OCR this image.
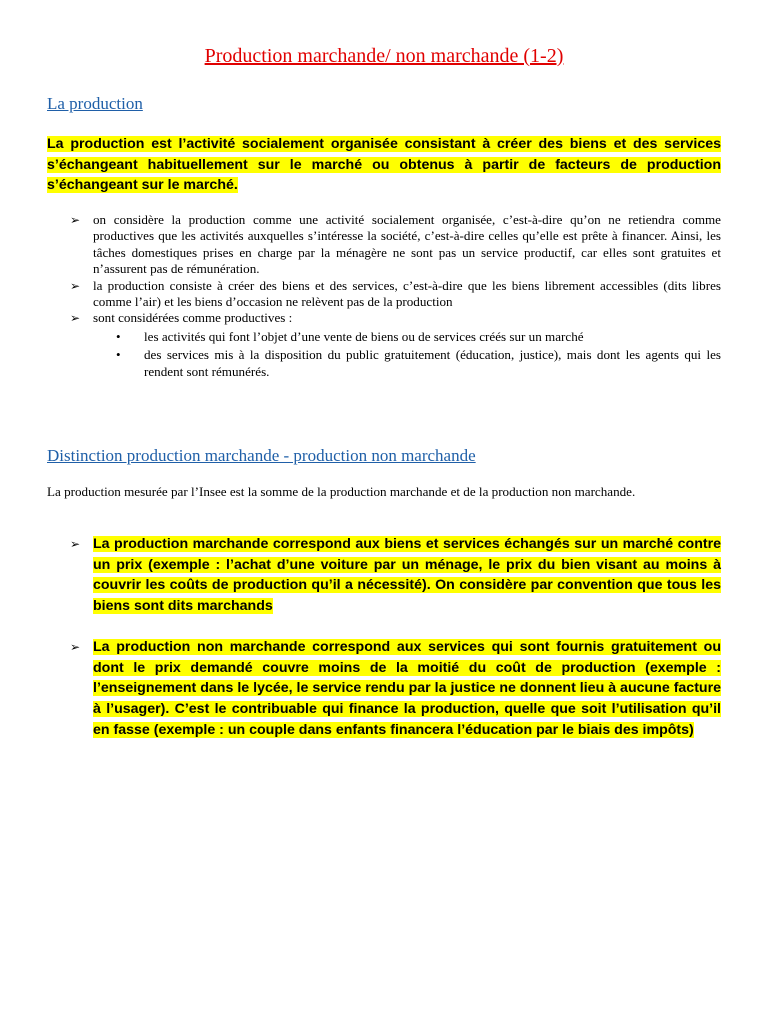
Production marchande/ non marchande (1-2)
La production

La production est l’activité socialement organisée consistant à créer des biens et des services s’échangeant habituellement sur le marché ou obtenus à partir de facteurs de production s’échangeant sur le marché.

➢ on considère la production comme une activité socialement organisée, c’est-à-dire qu’on ne retiendra comme productives que les activités auxquelles s’intéresse la société, c’est-à-dire celles qu’elle est prête à financer. Ainsi, les tâches domestiques prises en charge par la ménagère ne sont pas un service productif, car elles sont gratuites et n’assurent pas de rémunération.
➢ la production consiste à créer des biens et des services, c’est-à-dire que les biens librement accessibles (dits libres comme l’air) et les biens d’occasion ne relèvent pas de la production
➢ sont considérées comme productives :
• les activités qui font l’objet d’une vente de biens ou de services créés sur un marché
• des services mis à la disposition du public gratuitement (éducation, justice), mais dont les agents qui les rendent sont rémunérés.
Distinction production marchande - production non marchande

La production mesurée par l’Insee est la somme de la production marchande et de la production non marchande.

➢ La production marchande correspond aux biens et services échangés sur un marché contre un prix (exemple : l’achat d’une voiture par un ménage, le prix du bien visant au moins à couvrir les coûts de production qu’il a nécessité). On considère par convention que tous les biens sont dits marchands
➢ La production non marchande correspond aux services qui sont fournis gratuitement ou dont le prix demandé couvre moins de la moitié du coût de production (exemple : l’enseignement dans le lycée, le service rendu par la justice ne donnent lieu à aucune facture à l’usager). C’est le contribuable qui finance la production, quelle que soit l’utilisation qu’il en fasse (exemple : un couple dans enfants financera l’éducation par le biais des impôts)
